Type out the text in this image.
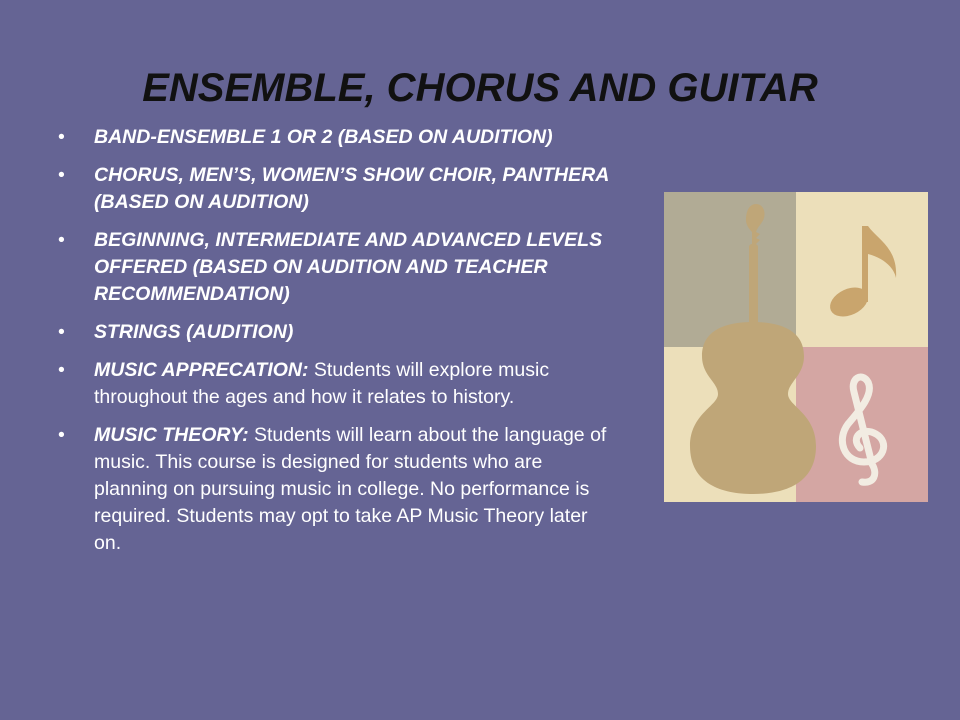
ENSEMBLE, CHORUS AND GUITAR
• BAND-ENSEMBLE 1 OR 2 (BASED ON AUDITION)
• CHORUS, MEN’S, WOMEN’S SHOW CHOIR, PANTHERA (BASED ON AUDITION)
• BEGINNING, INTERMEDIATE AND ADVANCED LEVELS OFFERED (BASED ON AUDITION AND TEACHER RECOMMENDATION)
• STRINGS (AUDITION)
• MUSIC APPRECATION: Students will explore music throughout the ages and how it relates to history.
• MUSIC THEORY: Students will learn about the language of music. This course is designed for students who are planning on pursuing music in college. No performance is required. Students may opt to take AP Music Theory later on.
